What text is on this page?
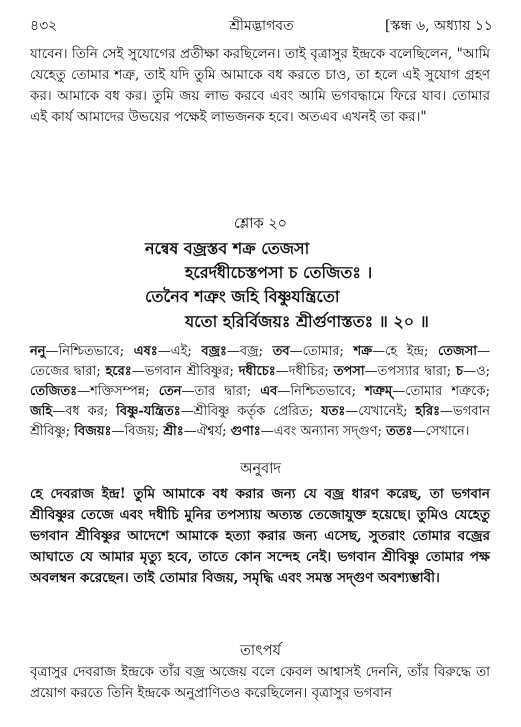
৪৩২	শ্রীমদ্ভাগবত	[স্কন্ধ ৬, অধ্যায় ১১

যাবেন। তিনি সেই সুযোগের প্রতীক্ষা করছিলেন। তাই বৃত্রাসুর ইন্দ্রকে বলেছিলেন, "আমি যেহেতু তোমার শত্রু, তাই যদি তুমি আমাকে বধ করতে চাও, তা হলে এই সুযোগ গ্রহণ কর। আমাকে বধ কর। তুমি জয় লাভ করবে এবং আমি ভগবদ্ধামে ফিরে যাব। তোমার এই কার্য আমাদের উভয়ের পক্ষেই লাভজনক হবে। অতএব এখনই তা কর।"

শ্লোক ২০

নন্বেষ বজ্রস্তব শক্র তেজসা
হরের্দধীচেস্তপসা চ তেজিতঃ ।
তেনৈব শত্রুং জহি বিষ্ণুযন্ত্রিতো
যতো হরির্বিজয়ঃ শ্রীর্গুণাস্ততঃ ॥ ২০ ॥

ননু—নিশ্চিতভাবে; এষঃ—এই; বজ্রঃ—বজ্র; তব—তোমার; শক্র—হে ইন্দ্র; তেজসা—তেজের দ্বারা; হরেঃ—ভগবান শ্রীবিষ্ণুর; দধীচেঃ—দধীচির; তপসা—তপস্যার দ্বারা; চ—ও; তেজিতঃ—শক্তিসম্পন্ন; তেন—তার দ্বারা; এব—নিশ্চিতভাবে; শত্রুম্—তোমার শত্রুকে; জহি—বধ কর; বিষ্ণু-যন্ত্রিতঃ—শ্রীবিষ্ণু কর্তৃক প্রেরিত; যতঃ—যেখানেই; হরিঃ—ভগবান শ্রীবিষ্ণু; বিজয়ঃ—বিজয়; শ্রীঃ—ঐশ্বর্য; গুণাঃ—এবং অন্যান্য সদ্‌গুণ; ততঃ—সেখানে।

অনুবাদ

হে দেবরাজ ইন্দ্র! তুমি আমাকে বধ করার জন্য যে বজ্র ধারণ করেছ, তা ভগবান শ্রীবিষ্ণুর তেজে এবং দধীচি মুনির তপস্যায় অত্যন্ত তেজোযুক্ত হয়েছে। তুমিও যেহেতু ভগবান শ্রীবিষ্ণুর আদেশে আমাকে হত্যা করার জন্য এসেছ, সুতরাং তোমার বজ্রের আঘাতে যে আমার মৃত্যু হবে, তাতে কোন সন্দেহ নেই। ভগবান শ্রীবিষ্ণু তোমার পক্ষ অবলম্বন করেছেন। তাই তোমার বিজয়, সমৃদ্ধি এবং সমস্ত সদ্‌গুণ অবশ্যম্ভাবী।

তাৎপর্য

বৃত্রাসুর দেবরাজ ইন্দ্রকে তাঁর বজ্র অজেয় বলে কেবল আশ্বাসই দেননি, তাঁর বিরুদ্ধে তা প্রয়োগ করতে তিনি ইন্দ্রকে অনুপ্রাণিতও করেছিলেন। বৃত্রাসুর ভগবান
